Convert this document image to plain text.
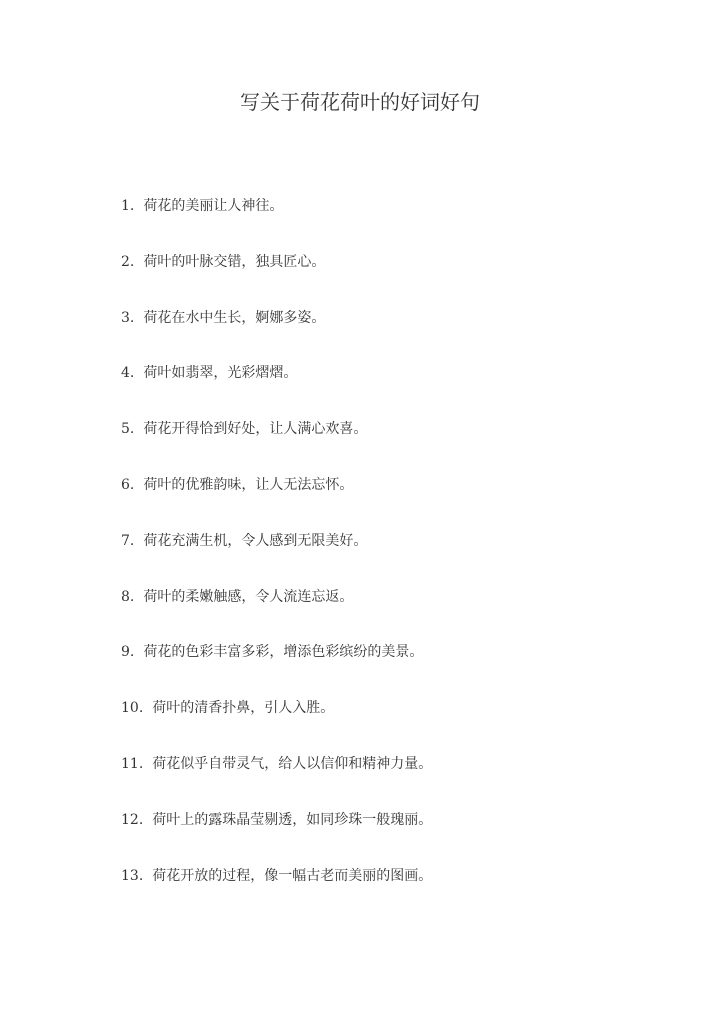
写关于荷花荷叶的好词好句
1. 荷花的美丽让人神往。
2. 荷叶的叶脉交错，独具匠心。
3. 荷花在水中生长，婀娜多姿。
4. 荷叶如翡翠，光彩熠熠。
5. 荷花开得恰到好处，让人满心欢喜。
6. 荷叶的优雅韵味，让人无法忘怀。
7. 荷花充满生机，令人感到无限美好。
8. 荷叶的柔嫩触感，令人流连忘返。
9. 荷花的色彩丰富多彩，增添色彩缤纷的美景。
10. 荷叶的清香扑鼻，引人入胜。
11. 荷花似乎自带灵气，给人以信仰和精神力量。
12. 荷叶上的露珠晶莹剔透，如同珍珠一般瑰丽。
13. 荷花开放的过程，像一幅古老而美丽的图画。
